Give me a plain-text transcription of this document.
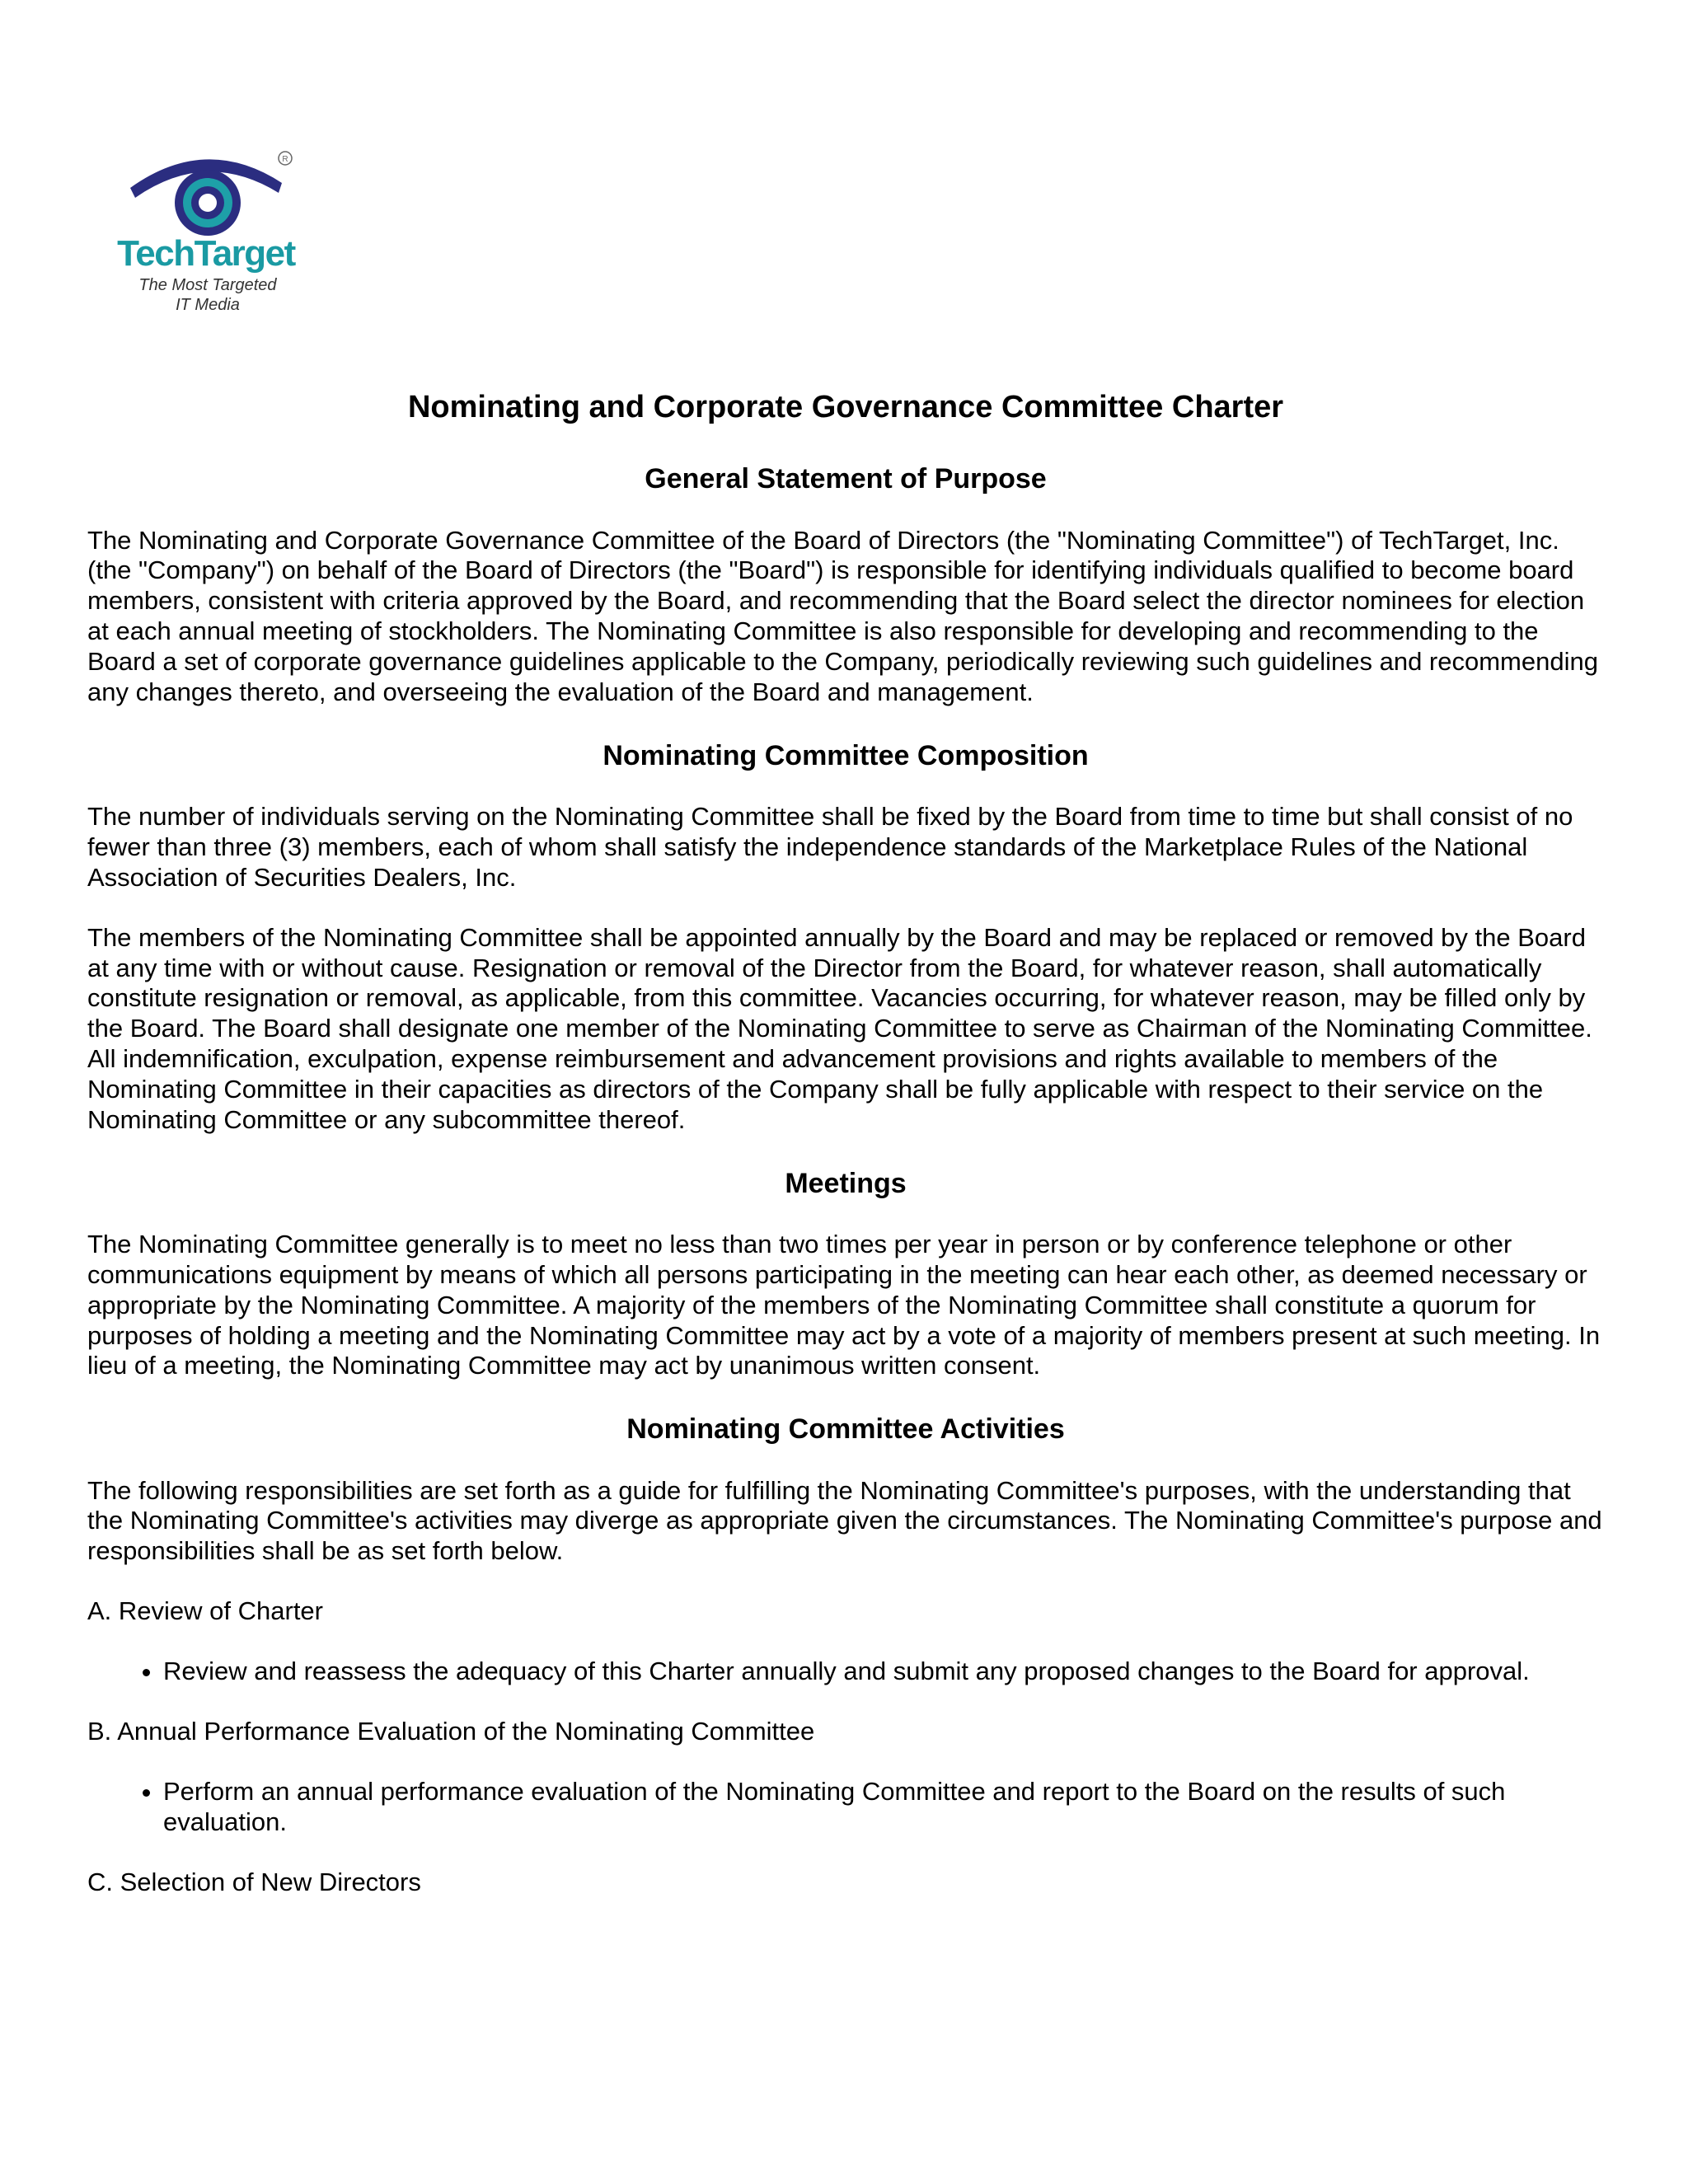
R
TechTarget
The Most Targeted
IT Media
Nominating and Corporate Governance Committee Charter
General Statement of Purpose

The Nominating and Corporate Governance Committee of the Board of Directors (the "Nominating Committee") of TechTarget, Inc. (the "Company") on behalf of the Board of Directors (the "Board") is responsible for identifying individuals qualified to become board members, consistent with criteria approved by the Board, and recommending that the Board select the director nominees for election at each annual meeting of stockholders. The Nominating Committee is also responsible for developing and recommending to the Board a set of corporate governance guidelines applicable to the Company, periodically reviewing such guidelines and recommending any changes thereto, and overseeing the evaluation of the Board and management.

Nominating Committee Composition

The number of individuals serving on the Nominating Committee shall be fixed by the Board from time to time but shall consist of no fewer than three (3) members, each of whom shall satisfy the independence standards of the Marketplace Rules of the National Association of Securities Dealers, Inc.

The members of the Nominating Committee shall be appointed annually by the Board and may be replaced or removed by the Board at any time with or without cause. Resignation or removal of the Director from the Board, for whatever reason, shall automatically constitute resignation or removal, as applicable, from this committee. Vacancies occurring, for whatever reason, may be filled only by the Board. The Board shall designate one member of the Nominating Committee to serve as Chairman of the Nominating Committee. All indemnification, exculpation, expense reimbursement and advancement provisions and rights available to members of the Nominating Committee in their capacities as directors of the Company shall be fully applicable with respect to their service on the Nominating Committee or any subcommittee thereof.

Meetings

The Nominating Committee generally is to meet no less than two times per year in person or by conference telephone or other communications equipment by means of which all persons participating in the meeting can hear each other, as deemed necessary or appropriate by the Nominating Committee. A majority of the members of the Nominating Committee shall constitute a quorum for purposes of holding a meeting and the Nominating Committee may act by a vote of a majority of members present at such meeting. In lieu of a meeting, the Nominating Committee may act by unanimous written consent.

Nominating Committee Activities

The following responsibilities are set forth as a guide for fulfilling the Nominating Committee's purposes, with the understanding that the Nominating Committee's activities may diverge as appropriate given the circumstances. The Nominating Committee's purpose and responsibilities shall be as set forth below.

A. Review of Charter
• Review and reassess the adequacy of this Charter annually and submit any proposed changes to the Board for approval.
B. Annual Performance Evaluation of the Nominating Committee
• Perform an annual performance evaluation of the Nominating Committee and report to the Board on the results of such evaluation.
C. Selection of New Directors
